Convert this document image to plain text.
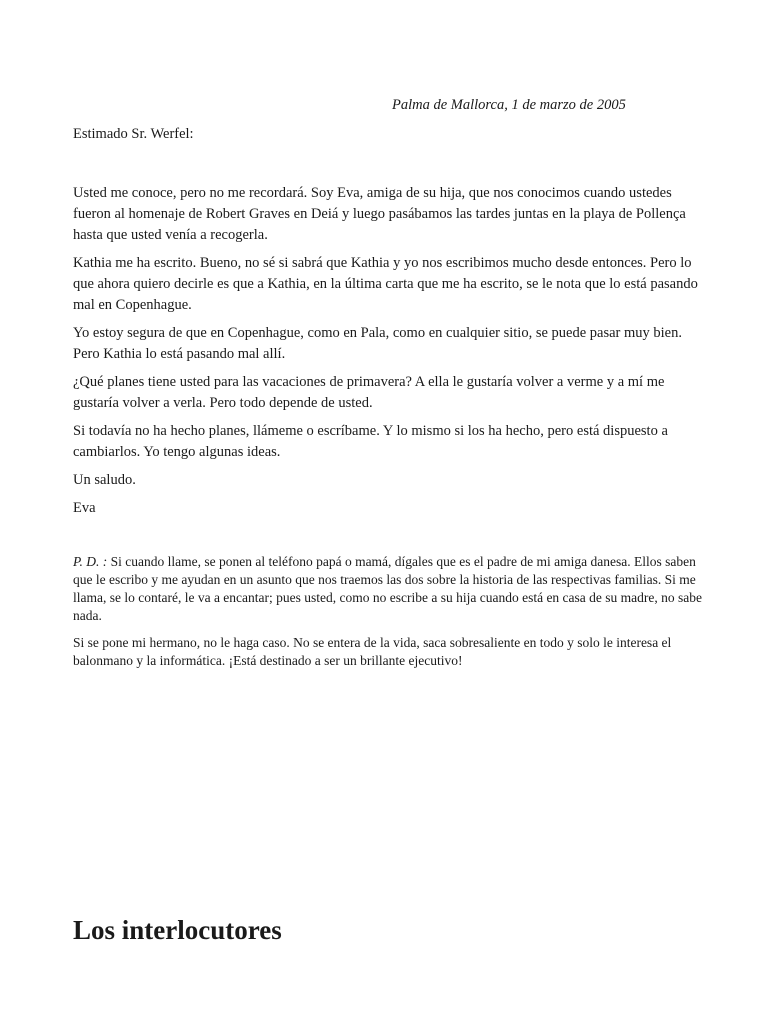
Palma de Mallorca, 1 de marzo de 2005
Estimado Sr. Werfel:

Usted me conoce, pero no me recordará. Soy Eva, amiga de su hija, que nos conocimos cuando ustedes fueron al homenaje de Robert Graves en Deiá y luego pasábamos las tardes juntas en la playa de Pollença hasta que usted venía a recogerla.

Kathia me ha escrito. Bueno, no sé si sabrá que Kathia y yo nos escribimos mucho desde entonces. Pero lo que ahora quiero decirle es que a Kathia, en la última carta que me ha escrito, se le nota que lo está pasando mal en Copenhague.

Yo estoy segura de que en Copenhague, como en Pala, como en cualquier sitio, se puede pasar muy bien. Pero Kathia lo está pasando mal allí.

¿Qué planes tiene usted para las vacaciones de primavera? A ella le gustaría volver a verme y a mí me gustaría volver a verla. Pero todo depende de usted.

Si todavía no ha hecho planes, llámeme o escríbame. Y lo mismo si los ha hecho, pero está dispuesto a cambiarlos. Yo tengo algunas ideas.

Un saludo.

Eva

P. D. : Si cuando llame, se ponen al teléfono papá o mamá, dígales que es el padre de mi amiga danesa. Ellos saben que le escribo y me ayudan en un asunto que nos traemos las dos sobre la historia de las respectivas familias. Si me llama, se lo contaré, le va a encantar; pues usted, como no escribe a su hija cuando está en casa de su madre, no sabe nada.

Si se pone mi hermano, no le haga caso. No se entera de la vida, saca sobresaliente en todo y solo le interesa el balonmano y la informática. ¡Está destinado a ser un brillante ejecutivo!

Los interlocutores
